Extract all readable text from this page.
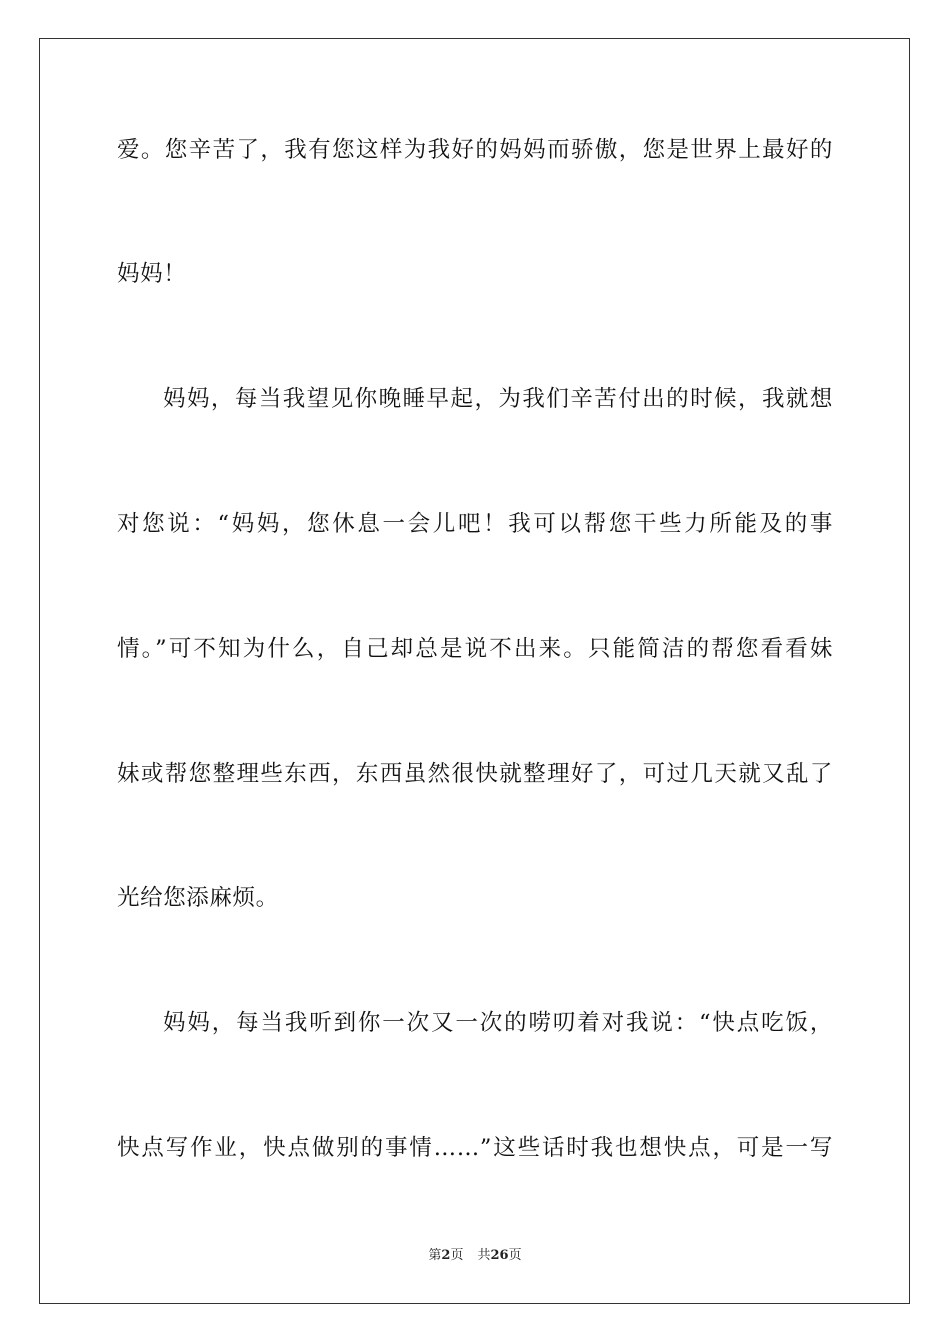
爱。您辛苦了，我有您这样为我好的妈妈而骄傲，您是世界上最好的
妈妈！
妈妈，每当我望见你晚睡早起，为我们辛苦付出的时候，我就想
对您说：“妈妈，您休息一会儿吧！我可以帮您干些力所能及的事
情。”可不知为什么，自己却总是说不出来。只能简洁的帮您看看妹
妹或帮您整理些东西，东西虽然很快就整理好了，可过几天就又乱了
光给您添麻烦。
妈妈，每当我听到你一次又一次的唠叨着对我说：“快点吃饭，
快点写作业，快点做别的事情……”这些话时我也想快点，可是一写
第2页 共26页
